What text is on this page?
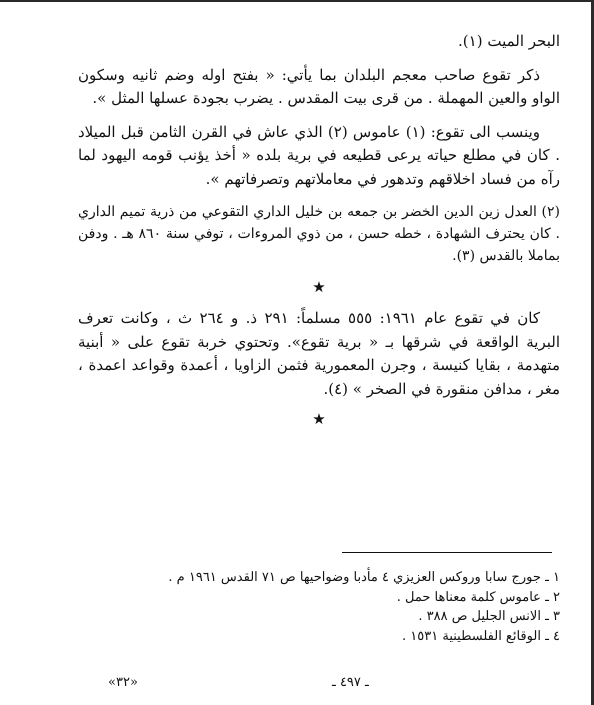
البحر الميت (١).

ذكر تقوع صاحب معجم البلدان بما يأتي: « بفتح اوله وضم ثانيه وسكون الواو والعين المهملة . من قرى بيت المقدس . يضرب بجودة عسلها المثل ».

وينسب الى تقوع: (١) عاموس (٢) الذي عاش في القرن الثامن قبل الميلاد . كان في مطلع حياته يرعى قطيعه في برية بلده « أخذ يؤنب قومه اليهود لما رآه من فساد اخلاقهم وتدهور في معاملاتهم وتصرفاتهم ».

(٢) العدل زين الدين الخضر بن جمعه بن خليل الداري التقوعي من ذرية تميم الداري . كان يحترف الشهادة ، خطه حسن ، من ذوي المروءات ، توفي سنة ٨٦٠ هـ . ودفن بماملا بالقدس (٣).

★

كان في تقوع عام ١٩٦١: ٥٥٥ مسلماً: ٢٩١ ذ. و ٢٦٤ ث ، وكانت تعرف البرية الواقعة في شرقها بـ « برية تقوع». وتحتوي خربة تقوع على « أبنية متهدمة ، بقايا كنيسة ، وجرن المعمورية فثمن الزاويا ، أعمدة وقواعد اعمدة ، مغر ، مدافن منقورة في الصخر » (٤).

★

١ ـ جورج سابا وروكس العزيزي ٤ مأدبا وضواحيها ص ٧١ القدس ١٩٦١ م .
٢ ـ عاموس كلمة معناها حمل .
٣ ـ الانس الجليل ص ٣٨٨ .
٤ ـ الوقائع الفلسطينية ١٥٣١ .
«٣٢»	ـ ٤٩٧ ـ
